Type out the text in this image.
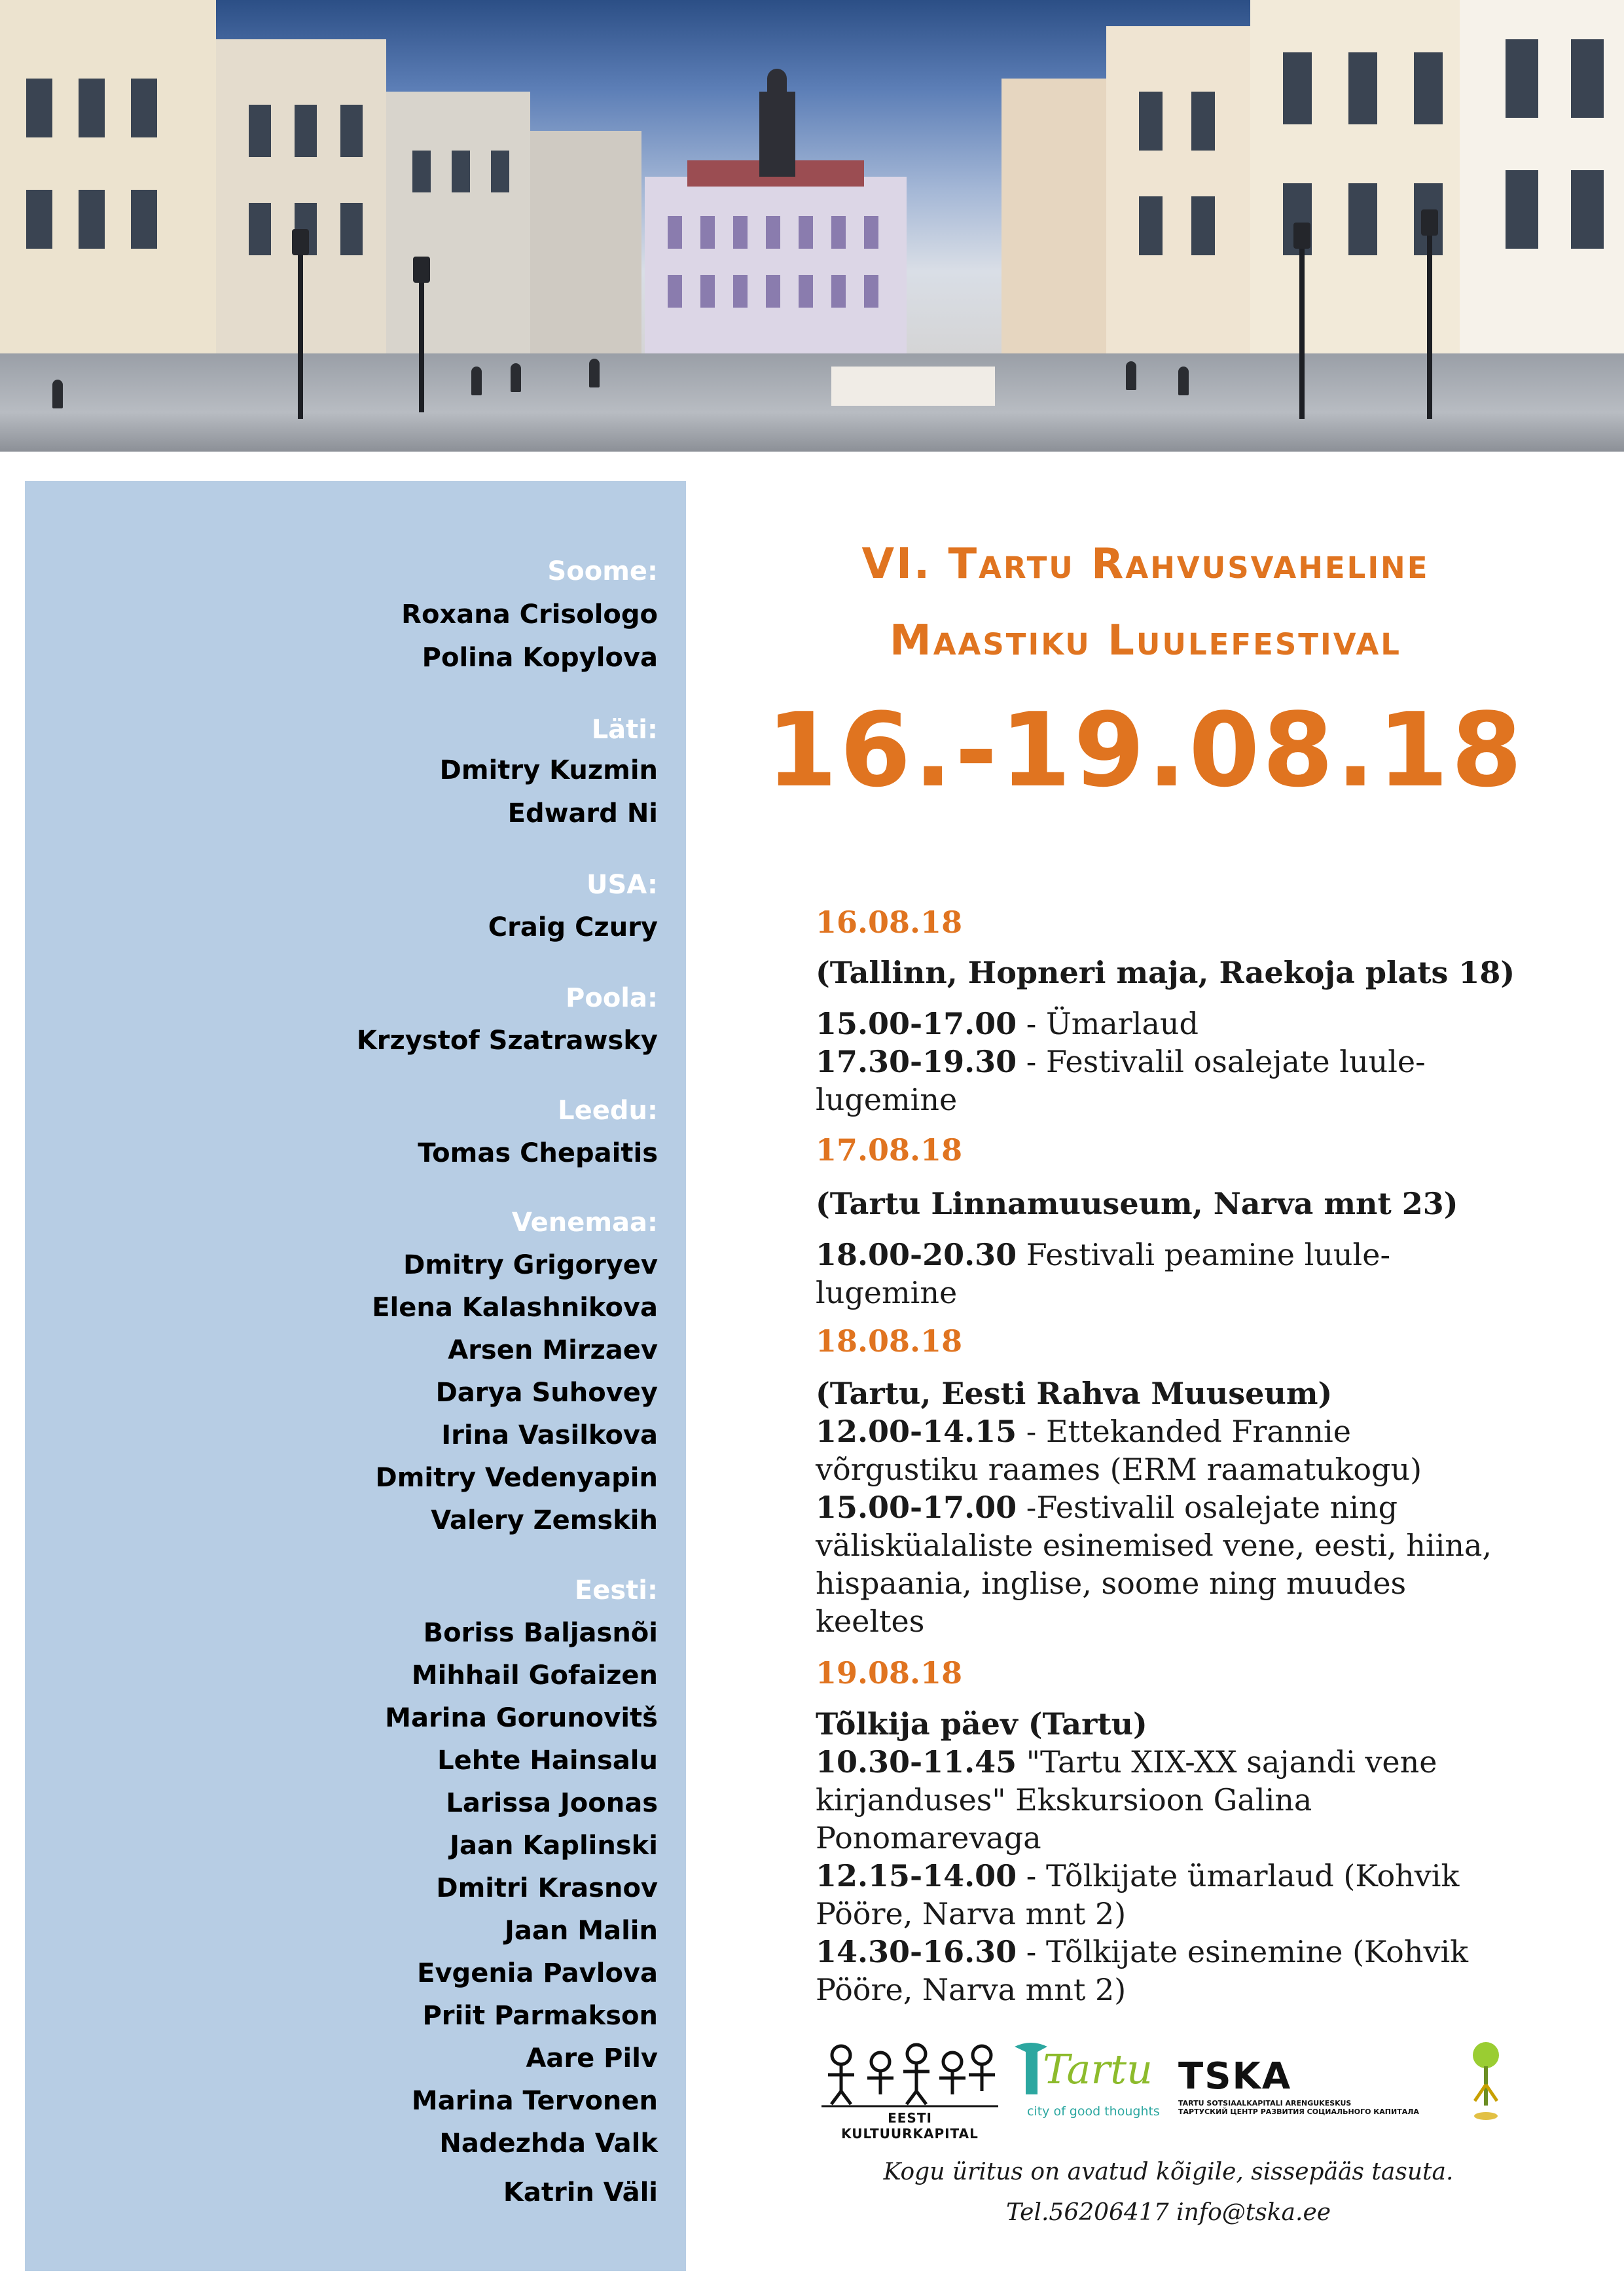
Soome:
Roxana Crisologo
Polina Kopylova
Läti:
Dmitry Kuzmin
Edward Ni
USA:
Craig Czury
Poola:
Krzystof Szatrawsky
Leedu:
Tomas Chepaitis
Venemaa:
Dmitry Grigoryev
Elena Kalashnikova
Arsen Mirzaev
Darya Suhovey
Irina Vasilkova
Dmitry Vedenyapin
Valery Zemskih
Eesti:
Boriss Baljasnõi
Mihhail Gofaizen
Marina Gorunovitš
Lehte Hainsalu
Larissa Joonas
Jaan Kaplinski
Dmitri Krasnov
Jaan Malin
Evgenia Pavlova
Priit Parmakson
Aare Pilv
Marina Tervonen
Nadezhda Valk
Katrin Väli
VI. Tartu Rahvusvaheline
Maastiku Luulefestival
16.-19.08.18
16.08.18
(Tallinn, Hopneri maja, Raekoja plats 18)
15.00-17.00 - Ümarlaud
17.30-19.30 - Festivalil osalejate luule-
lugemine
17.08.18
(Tartu Linnamuuseum, Narva mnt 23)
18.00-20.30 Festivali peamine luule-
lugemine
18.08.18
(Tartu, Eesti Rahva Muuseum)
12.00-14.15 - Ettekanded Frannie
võrgustiku raames (ERM raamatukogu)
15.00-17.00 -Festivalil osalejate ning
välisküalaliste esinemised vene, eesti, hiina,
hispaania, inglise, soome ning muudes
keeltes
19.08.18
Tõlkija päev (Tartu)
10.30-11.45 "Tartu XIX-XX sajandi vene
kirjanduses" Ekskursioon Galina
Ponomarevaga
12.15-14.00 - Tõlkijate ümarlaud (Kohvik
Pööre, Narva mnt 2)
14.30-16.30 - Tõlkijate esinemine (Kohvik
Pööre, Narva mnt 2)
EESTI KULTUURKAPITAL
Tartu
city of good thoughts
TSKA
TARTU SOTSIAALKAPITALI ARENGUKESKUS
ТАРТУСКИЙ ЦЕНТР РАЗВИТИЯ СОЦИАЛЬНОГО КАПИТАЛА
Kogu üritus on avatud kõigile, sissepääs tasuta.
Tel.56206417 info@tska.ee
